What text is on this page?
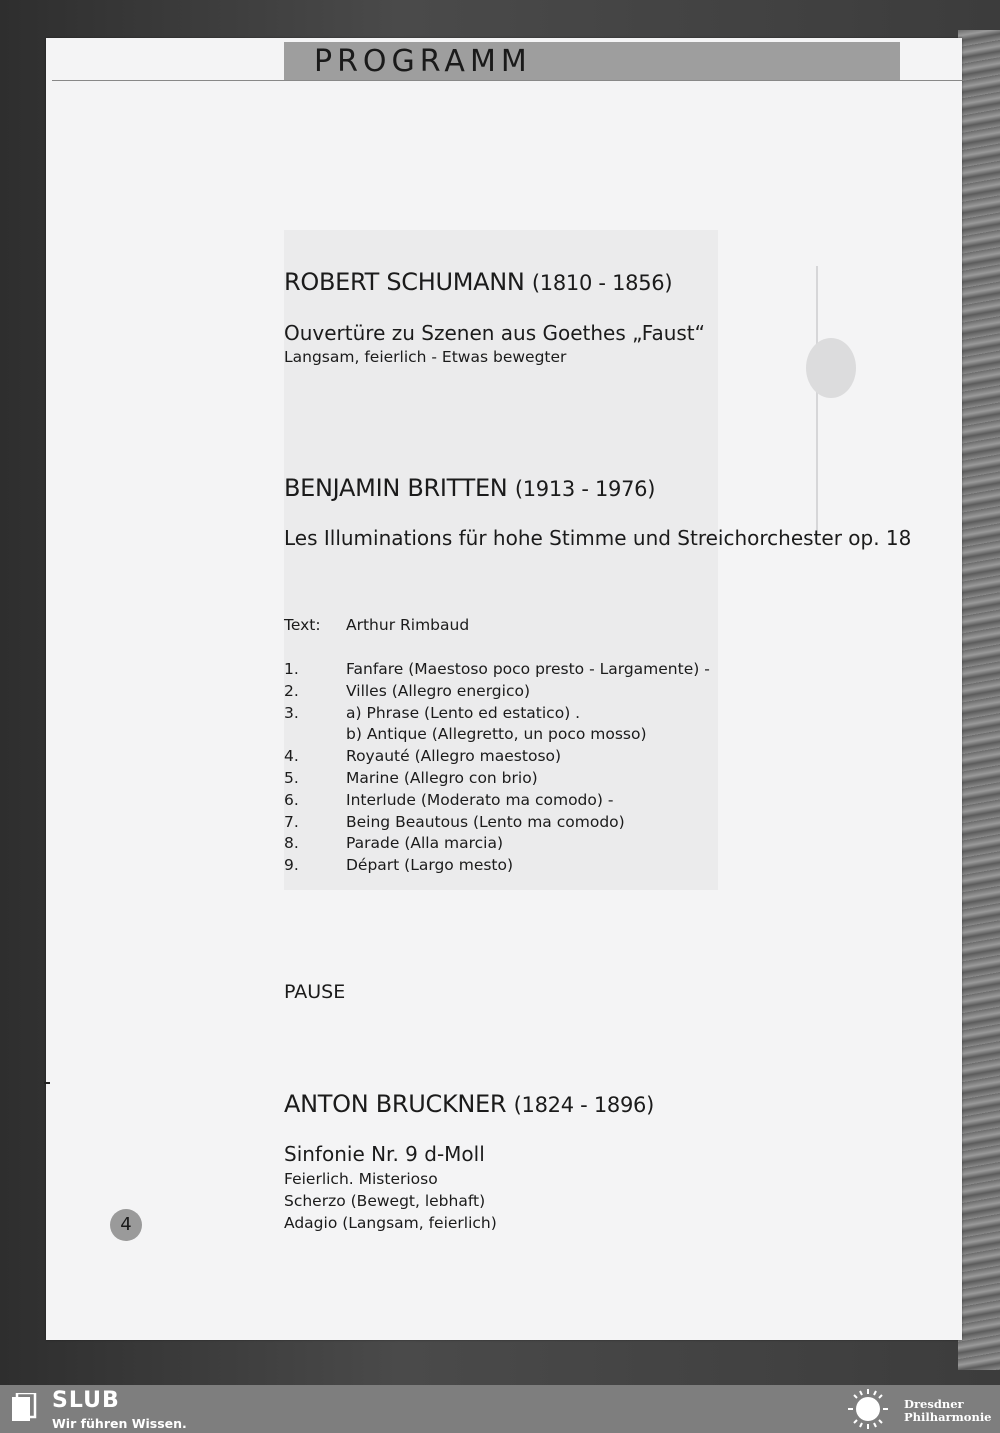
PROGRAMM
ROBERT SCHUMANN (1810 - 1856)
Ouvertüre zu Szenen aus Goethes „Faust“
Langsam, feierlich - Etwas bewegter
BENJAMIN BRITTEN (1913 - 1976)
Les Illuminations für hohe Stimme und Streichorchester op. 18
Text: Arthur Rimbaud
1.	Fanfare (Maestoso poco presto - Largamente) -
2.	Villes (Allegro energico)
3.	a) Phrase (Lento ed estatico) .
b) Antique (Allegretto, un poco mosso)
4.	Royauté (Allegro maestoso)
5.	Marine (Allegro con brio)
6.	Interlude (Moderato ma comodo) -
7.	Being Beautous (Lento ma comodo)
8.	Parade (Alla marcia)
9.	Départ (Largo mesto)
PAUSE
ANTON BRUCKNER (1824 - 1896)
Sinfonie Nr. 9 d-Moll
Feierlich. Misterioso
Scherzo (Bewegt, lebhaft)
Adagio (Langsam, feierlich)
4
SLUB
Wir führen Wissen.
Dresdner
Philharmonie
